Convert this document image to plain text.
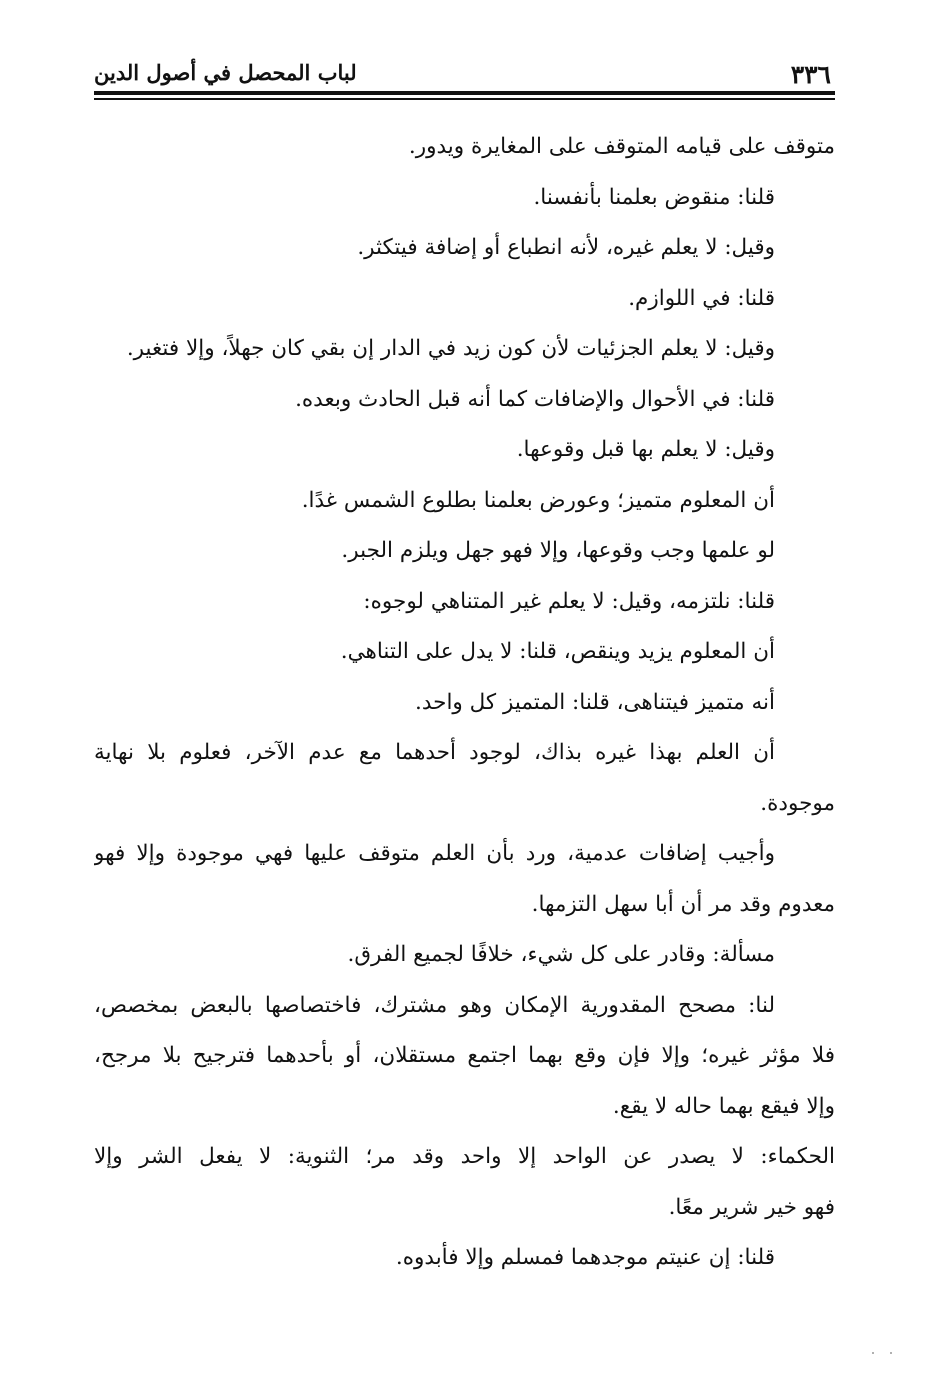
٣٣٦
لباب المحصل في أصول الدين
متوقف على قيامه المتوقف على المغايرة ويدور.
قلنا: منقوض بعلمنا بأنفسنا.
وقيل: لا يعلم غيره، لأنه انطباع أو إضافة فيتكثر.
قلنا: في اللوازم.
وقيل: لا يعلم الجزئيات لأن كون زيد في الدار إن بقي كان جهلاً، وإلا فتغير.
قلنا: في الأحوال والإضافات كما أنه قبل الحادث وبعده.
وقيل: لا يعلم بها قبل وقوعها.
أن المعلوم متميز؛ وعورض بعلمنا بطلوع الشمس غدًا.
لو علمها وجب وقوعها، وإلا فهو جهل ويلزم الجبر.
قلنا: نلتزمه، وقيل: لا يعلم غير المتناهي لوجوه:
أن المعلوم يزيد وينقص، قلنا: لا يدل على التناهي.
أنه متميز فيتناهى، قلنا: المتميز كل واحد.
أن العلم بهذا غيره بذاك، لوجود أحدهما مع عدم الآخر، فعلوم بلا نهاية
موجودة.
وأجيب إضافات عدمية، ورد بأن العلم متوقف عليها فهي موجودة وإلا فهو
معدوم وقد مر أن أبا سهل التزمها.
مسألة: وقادر على كل شيء، خلافًا لجميع الفرق.
لنا: مصحح المقدورية الإمكان وهو مشترك، فاختصاصها بالبعض بمخصص،
فلا مؤثر غيره؛ وإلا فإن وقع بهما اجتمع مستقلان، أو بأحدهما فترجيح بلا مرجح،
وإلا فيقع بهما حاله لا يقع.
الحكماء: لا يصدر عن الواحد إلا واحد وقد مر؛ الثنوية: لا يفعل الشر وإلا
فهو خير شرير معًا.
قلنا: إن عنيتم موجدهما فمسلم وإلا فأبدوه.
